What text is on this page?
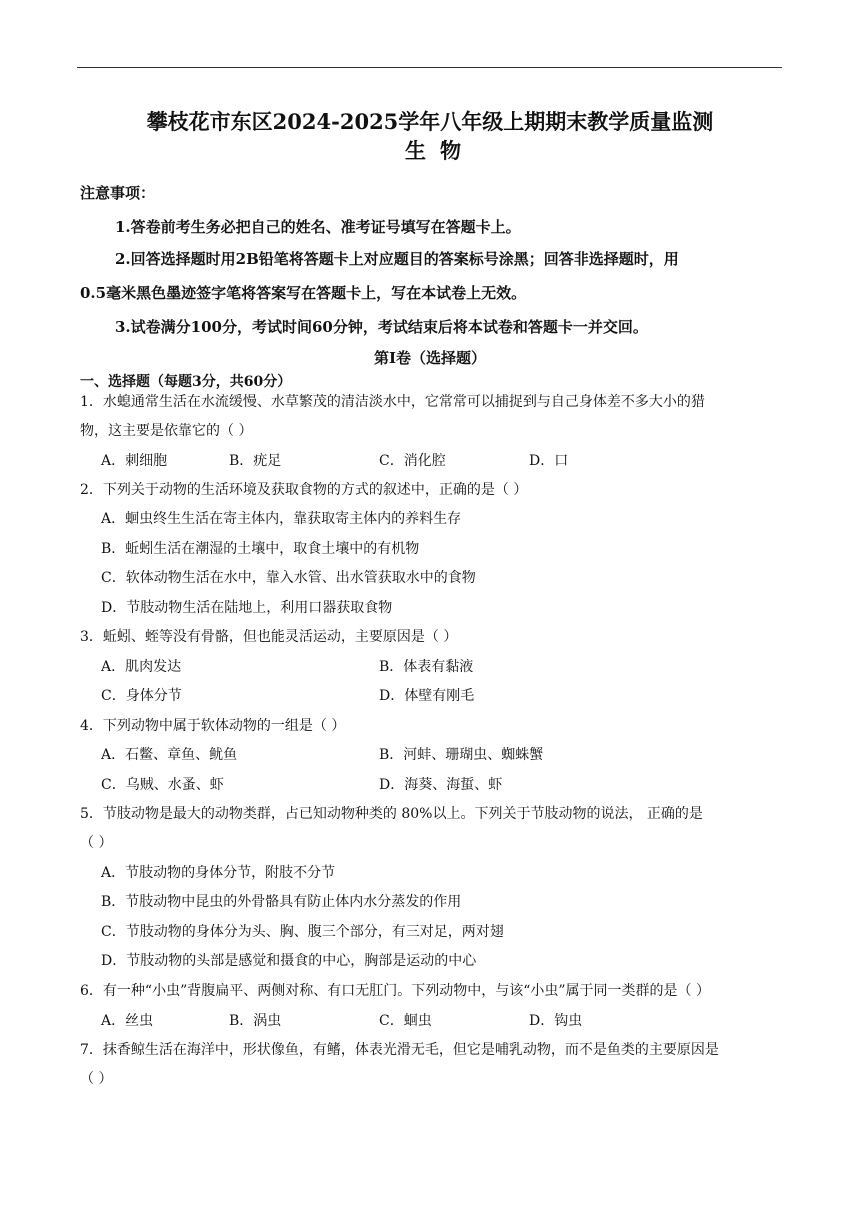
攀枝花市东区2024-2025学年八年级上期期末教学质量监测
生物
注意事项：
1.答卷前考生务必把自己的姓名、准考证号填写在答题卡上。
2.回答选择题时用2B铅笔将答题卡上对应题目的答案标号涂黑；回答非选择题时，用
0.5毫米黑色墨迹签字笔将答案写在答题卡上，写在本试卷上无效。
3.试卷满分100分，考试时间60分钟，考试结束后将本试卷和答题卡一并交回。
第Ⅰ卷（选择题）
一、选择题（每题3分，共60分）
1．水螅通常生活在水流缓慢、水草繁茂的清洁淡水中，它常常可以捕捉到与自己身体差不多大小的猎
物，这主要是依靠它的（ ）
A．刺细胞	B．疣足	C．消化腔	D．口
2．下列关于动物的生活环境及获取食物的方式的叙述中，正确的是（ ）
A．蛔虫终生生活在寄主体内，靠获取寄主体内的养料生存
B．蚯蚓生活在潮湿的土壤中，取食土壤中的有机物
C．软体动物生活在水中，靠入水管、出水管获取水中的食物
D．节肢动物生活在陆地上，利用口器获取食物
3．蚯蚓、蛭等没有骨骼，但也能灵活运动，主要原因是（ ）
A．肌肉发达	B．体表有黏液
C．身体分节	D．体壁有刚毛
4．下列动物中属于软体动物的一组是（ ）
A．石鳖、章鱼、鱿鱼	B．河蚌、珊瑚虫、蜘蛛蟹
C．乌贼、水蚤、虾	D．海葵、海蜇、虾
5．节肢动物是最大的动物类群，占已知动物种类的 80%以上。下列关于节肢动物的说法， 正确的是
（ ）
A．节肢动物的身体分节，附肢不分节
B．节肢动物中昆虫的外骨骼具有防止体内水分蒸发的作用
C．节肢动物的身体分为头、胸、腹三个部分，有三对足，两对翅
D．节肢动物的头部是感觉和摄食的中心，胸部是运动的中心
6．有一种“小虫”背腹扁平、两侧对称、有口无肛门。下列动物中，与该“小虫”属于同一类群的是（ ）
A．丝虫	B．涡虫	C．蛔虫	D．钩虫
7．抹香鲸生活在海洋中，形状像鱼，有鳍，体表光滑无毛，但它是哺乳动物，而不是鱼类的主要原因是
（ ）
